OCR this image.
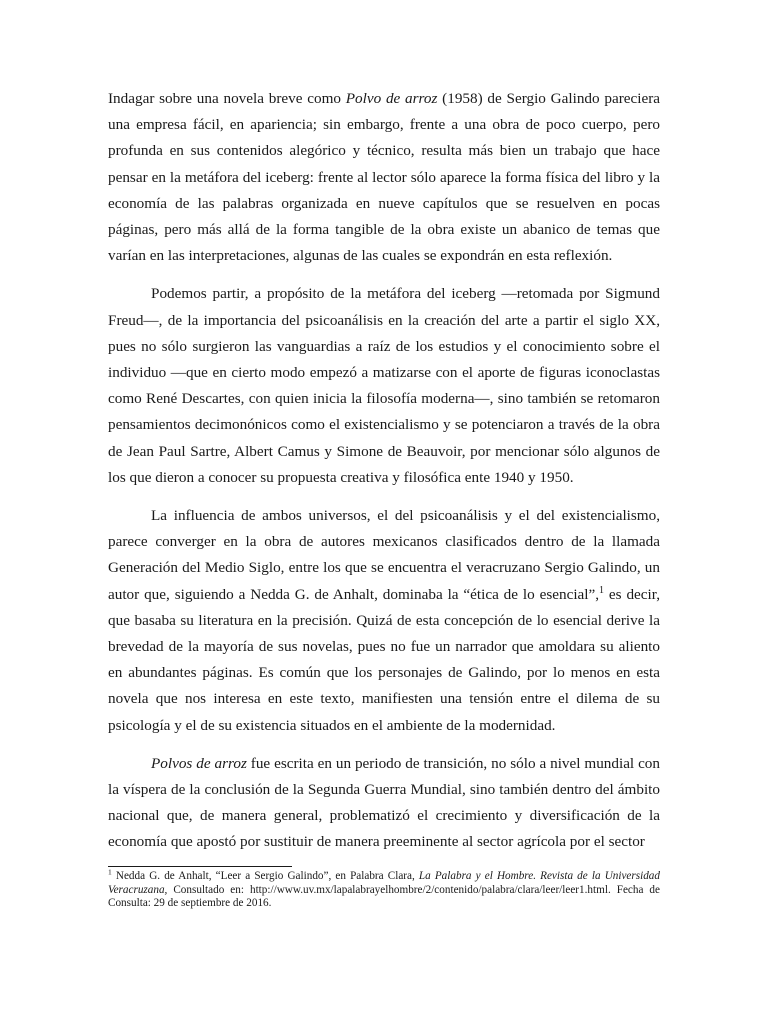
Indagar sobre una novela breve como Polvo de arroz (1958) de Sergio Galindo pareciera una empresa fácil, en apariencia; sin embargo, frente a una obra de poco cuerpo, pero profunda en sus contenidos alegórico y técnico, resulta más bien un trabajo que hace pensar en la metáfora del iceberg: frente al lector sólo aparece la forma física del libro y la economía de las palabras organizada en nueve capítulos que se resuelven en pocas páginas, pero más allá de la forma tangible de la obra existe un abanico de temas que varían en las interpretaciones, algunas de las cuales se expondrán en esta reflexión.

Podemos partir, a propósito de la metáfora del iceberg —retomada por Sigmund Freud—, de la importancia del psicoanálisis en la creación del arte a partir el siglo XX, pues no sólo surgieron las vanguardias a raíz de los estudios y el conocimiento sobre el individuo —que en cierto modo empezó a matizarse con el aporte de figuras iconoclastas como René Descartes, con quien inicia la filosofía moderna—, sino también se retomaron pensamientos decimonónicos como el existencialismo y se potenciaron a través de la obra de Jean Paul Sartre, Albert Camus y Simone de Beauvoir, por mencionar sólo algunos de los que dieron a conocer su propuesta creativa y filosófica ente 1940 y 1950.

La influencia de ambos universos, el del psicoanálisis y el del existencialismo, parece converger en la obra de autores mexicanos clasificados dentro de la llamada Generación del Medio Siglo, entre los que se encuentra el veracruzano Sergio Galindo, un autor que, siguiendo a Nedda G. de Anhalt, dominaba la “ética de lo esencial”,$^1$ es decir, que basaba su literatura en la precisión. Quizá de esta concepción de lo esencial derive la brevedad de la mayoría de sus novelas, pues no fue un narrador que amoldara su aliento en abundantes páginas. Es común que los personajes de Galindo, por lo menos en esta novela que nos interesa en este texto, manifiesten una tensión entre el dilema de su psicología y el de su existencia situados en el ambiente de la modernidad.

Polvos de arroz fue escrita en un periodo de transición, no sólo a nivel mundial con la víspera de la conclusión de la Segunda Guerra Mundial, sino también dentro del ámbito nacional que, de manera general, problematizó el crecimiento y diversificación de la economía que apostó por sustituir de manera preeminente al sector agrícola por el sector

$^1$ Nedda G. de Anhalt, “Leer a Sergio Galindo”, en Palabra Clara, La Palabra y el Hombre. Revista de la Universidad Veracruzana, Consultado en: http://www.uv.mx/lapalabrayelhombre/2/contenido/palabra/clara/leer/leer1.html. Fecha de Consulta: 29 de septiembre de 2016.
